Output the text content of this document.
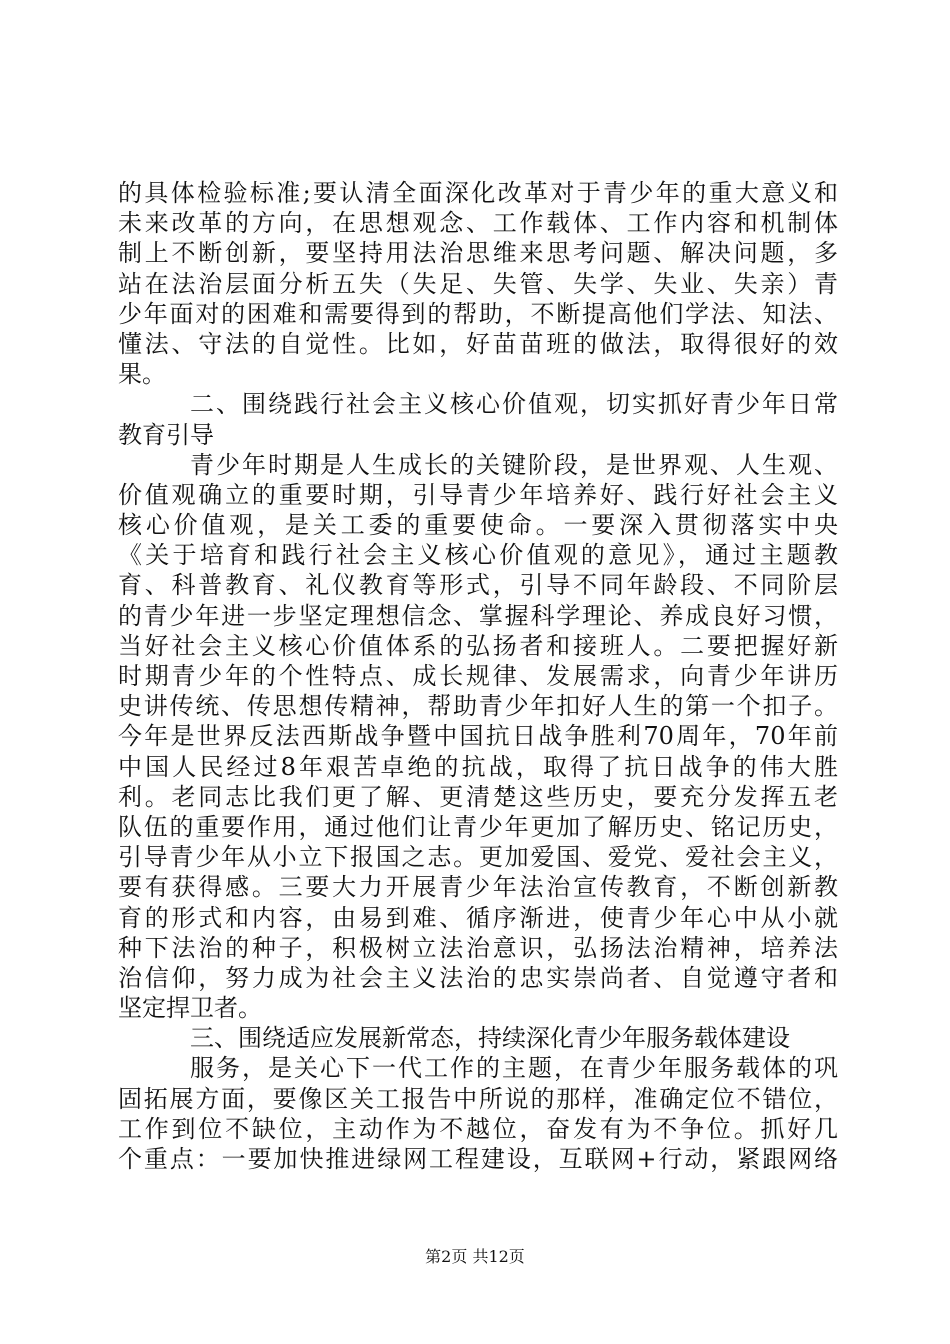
的具体检验标准;要认清全面深化改革对于青少年的重大意义和
未来改革的方向，在思想观念、工作载体、工作内容和机制体
制上不断创新，要坚持用法治思维来思考问题、解决问题，多
站在法治层面分析五失（失足、失管、失学、失业、失亲）青
少年面对的困难和需要得到的帮助，不断提高他们学法、知法、
懂法、守法的自觉性。比如，好苗苗班的做法，取得很好的效
果。
二、围绕践行社会主义核心价值观，切实抓好青少年日常
教育引导
青少年时期是人生成长的关键阶段，是世界观、人生观、
价值观确立的重要时期，引导青少年培养好、践行好社会主义
核心价值观，是关工委的重要使命。一要深入贯彻落实中央
《关于培育和践行社会主义核心价值观的意见》，通过主题教
育、科普教育、礼仪教育等形式，引导不同年龄段、不同阶层
的青少年进一步坚定理想信念、掌握科学理论、养成良好习惯，
当好社会主义核心价值体系的弘扬者和接班人。二要把握好新
时期青少年的个性特点、成长规律、发展需求，向青少年讲历
史讲传统、传思想传精神，帮助青少年扣好人生的第一个扣子。
今年是世界反法西斯战争暨中国抗日战争胜利70周年，70年前
中国人民经过8年艰苦卓绝的抗战，取得了抗日战争的伟大胜
利。老同志比我们更了解、更清楚这些历史，要充分发挥五老
队伍的重要作用，通过他们让青少年更加了解历史、铭记历史，
引导青少年从小立下报国之志。更加爱国、爱党、爱社会主义，
要有获得感。三要大力开展青少年法治宣传教育，不断创新教
育的形式和内容，由易到难、循序渐进，使青少年心中从小就
种下法治的种子，积极树立法治意识，弘扬法治精神，培养法
治信仰，努力成为社会主义法治的忠实崇尚者、自觉遵守者和
坚定捍卫者。
三、围绕适应发展新常态，持续深化青少年服务载体建设
服务，是关心下一代工作的主题，在青少年服务载体的巩
固拓展方面，要像区关工报告中所说的那样，准确定位不错位，
工作到位不缺位，主动作为不越位，奋发有为不争位。抓好几
个重点：一要加快推进绿网工程建设，互联网+行动，紧跟网络
第2页 共12页
